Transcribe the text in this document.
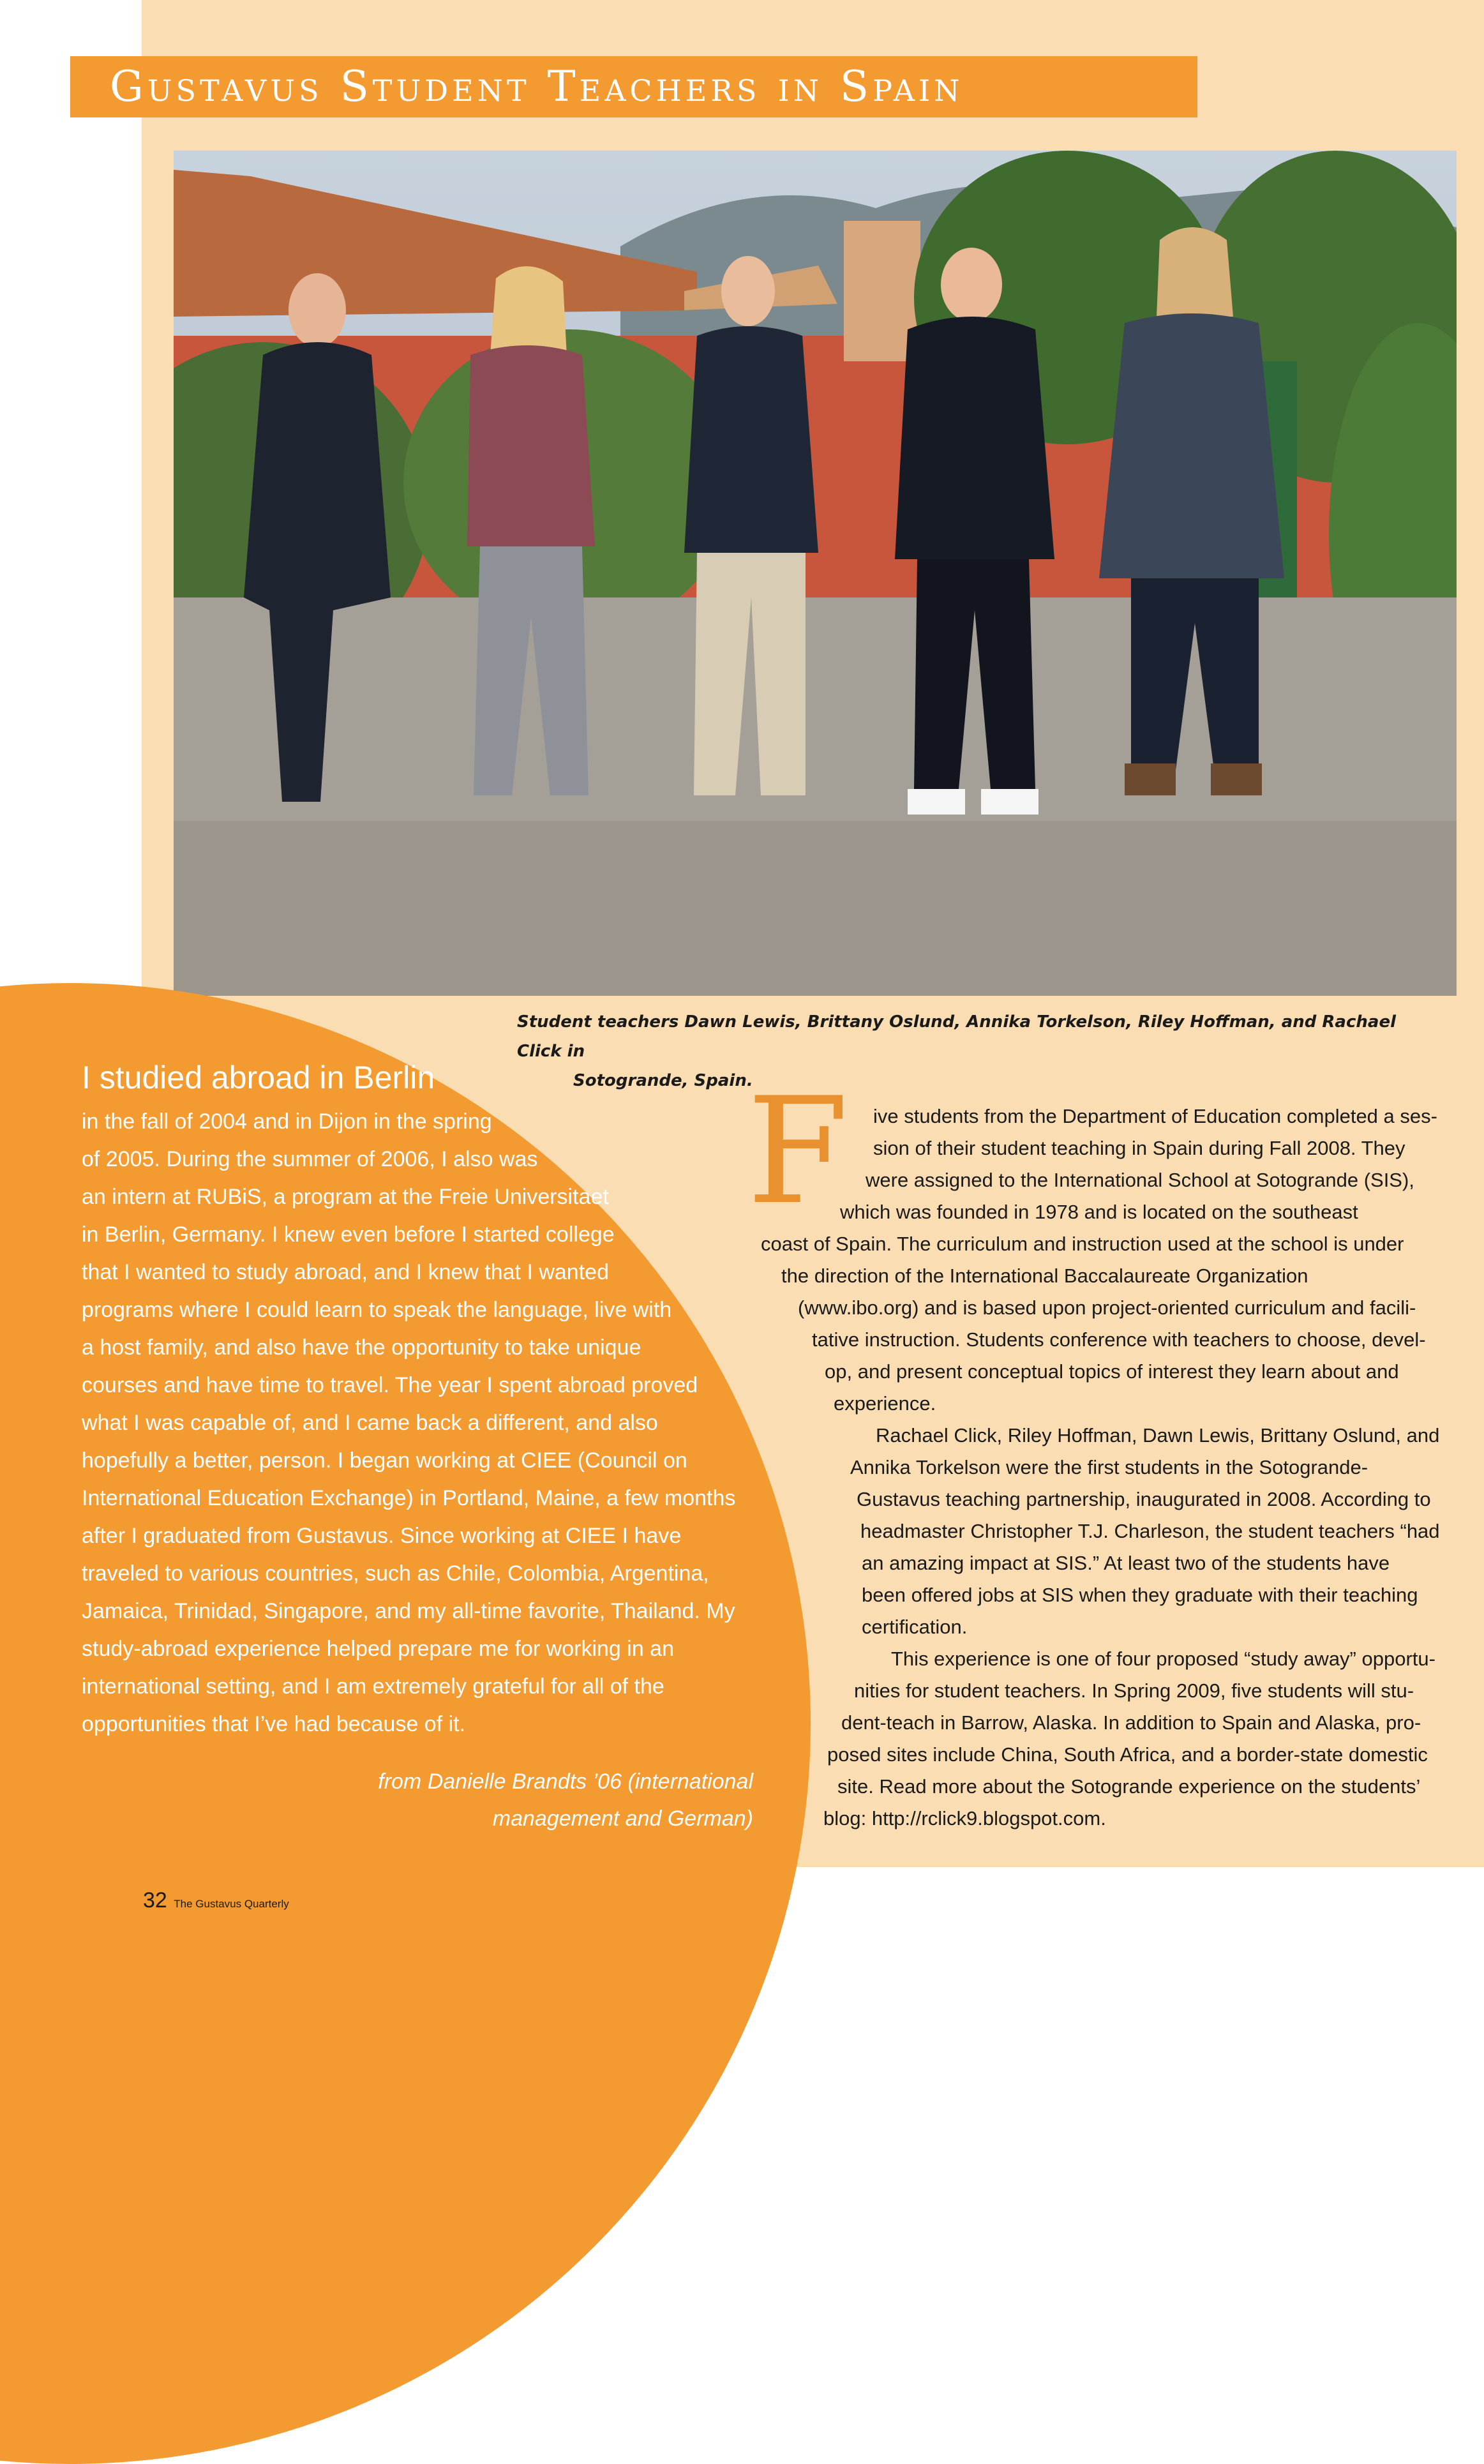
Gustavus Student Teachers in Spain
Student teachers Dawn Lewis, Brittany Oslund, Annika Torkelson, Riley Hoffman, and Rachael Click in
Sotogrande, Spain.
I studied abroad in Berlin
in the fall of 2004 and in Dijon in the spring
of 2005. During the summer of 2006, I also was
an intern at RUBiS, a program at the Freie Universitaet
in Berlin, Germany. I knew even before I started college
that I wanted to study abroad, and I knew that I wanted
programs where I could learn to speak the language, live with
a host family, and also have the opportunity to take unique
courses and have time to travel. The year I spent abroad proved
what I was capable of, and I came back a different, and also
hopefully a better, person. I began working at CIEE (Council on
International Education Exchange) in Portland, Maine, a few months
after I graduated from Gustavus. Since working at CIEE I have
traveled to various countries, such as Chile, Colombia, Argentina,
Jamaica, Trinidad, Singapore, and my all-time favorite, Thailand. My
study-abroad experience helped prepare me for working in an
international setting, and I am extremely grateful for all of the
opportunities that I’ve had because of it.
from Danielle Brandts ’06 (international
management and German)
F ive students from the Department of Education completed a ses-
sion of their student teaching in Spain during Fall 2008. They
were assigned to the International School at Sotogrande (SIS),
which was founded in 1978 and is located on the southeast
coast of Spain. The curriculum and instruction used at the school is under
the direction of the International Baccalaureate Organization
(www.ibo.org) and is based upon project-oriented curriculum and facili-
tative instruction. Students conference with teachers to choose, devel-
op, and present conceptual topics of interest they learn about and
experience.
Rachael Click, Riley Hoffman, Dawn Lewis, Brittany Oslund, and
Annika Torkelson were the first students in the Sotogrande-
Gustavus teaching partnership, inaugurated in 2008. According to
headmaster Christopher T.J. Charleson, the student teachers “had
an amazing impact at SIS.” At least two of the students have
been offered jobs at SIS when they graduate with their teaching
certification.
This experience is one of four proposed “study away” opportu-
nities for student teachers. In Spring 2009, five students will stu-
dent-teach in Barrow, Alaska. In addition to Spain and Alaska, pro-
posed sites include China, South Africa, and a border-state domestic
site. Read more about the Sotogrande experience on the students’
blog: http://rclick9.blogspot.com.
32 The Gustavus Quarterly
